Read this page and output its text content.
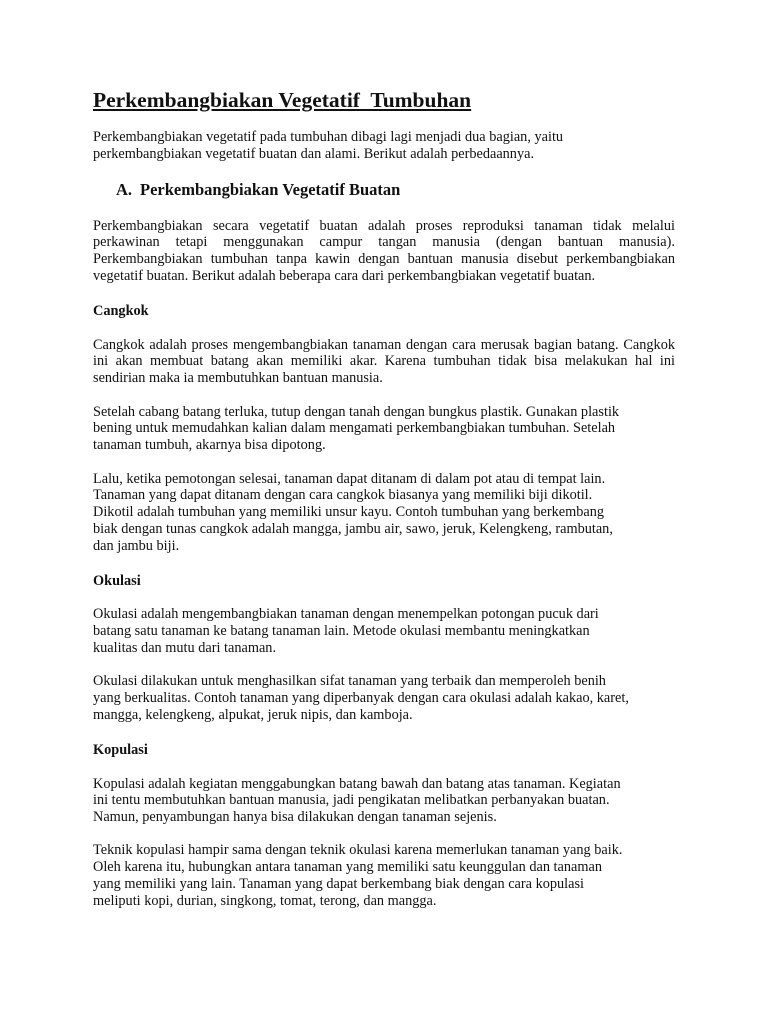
Perkembangbiakan Vegetatif  Tumbuhan

Perkembangbiakan vegetatif pada tumbuhan dibagi lagi menjadi dua bagian, yaitu
perkembangbiakan vegetatif buatan dan alami. Berikut adalah perbedaannya.

A. Perkembangbiakan Vegetatif Buatan

Perkembangbiakan secara vegetatif buatan adalah proses reproduksi tanaman tidak melalui perkawinan tetapi menggunakan campur tangan manusia (dengan bantuan manusia). Perkembangbiakan tumbuhan tanpa kawin dengan bantuan manusia disebut perkembangbiakan vegetatif buatan. Berikut adalah beberapa cara dari perkembangbiakan vegetatif buatan.

Cangkok

Cangkok adalah proses mengembangbiakan tanaman dengan cara merusak bagian batang. Cangkok ini akan membuat batang akan memiliki akar. Karena tumbuhan tidak bisa melakukan hal ini sendirian maka ia membutuhkan bantuan manusia.

Setelah cabang batang terluka, tutup dengan tanah dengan bungkus plastik. Gunakan plastik
bening untuk memudahkan kalian dalam mengamati perkembangbiakan tumbuhan. Setelah
tanaman tumbuh, akarnya bisa dipotong.

Lalu, ketika pemotongan selesai, tanaman dapat ditanam di dalam pot atau di tempat lain.
Tanaman yang dapat ditanam dengan cara cangkok biasanya yang memiliki biji dikotil.
Dikotil adalah tumbuhan yang memiliki unsur kayu. Contoh tumbuhan yang berkembang
biak dengan tunas cangkok adalah mangga, jambu air, sawo, jeruk, Kelengkeng, rambutan,
dan jambu biji.

Okulasi

Okulasi adalah mengembangbiakan tanaman dengan menempelkan potongan pucuk dari
batang satu tanaman ke batang tanaman lain. Metode okulasi membantu meningkatkan
kualitas dan mutu dari tanaman.

Okulasi dilakukan untuk menghasilkan sifat tanaman yang terbaik dan memperoleh benih
yang berkualitas. Contoh tanaman yang diperbanyak dengan cara okulasi adalah kakao, karet,
mangga, kelengkeng, alpukat, jeruk nipis, dan kamboja.

Kopulasi

Kopulasi adalah kegiatan menggabungkan batang bawah dan batang atas tanaman. Kegiatan
ini tentu membutuhkan bantuan manusia, jadi pengikatan melibatkan perbanyakan buatan.
Namun, penyambungan hanya bisa dilakukan dengan tanaman sejenis.

Teknik kopulasi hampir sama dengan teknik okulasi karena memerlukan tanaman yang baik.
Oleh karena itu, hubungkan antara tanaman yang memiliki satu keunggulan dan tanaman
yang memiliki yang lain. Tanaman yang dapat berkembang biak dengan cara kopulasi
meliputi kopi, durian, singkong, tomat, terong, dan mangga.
